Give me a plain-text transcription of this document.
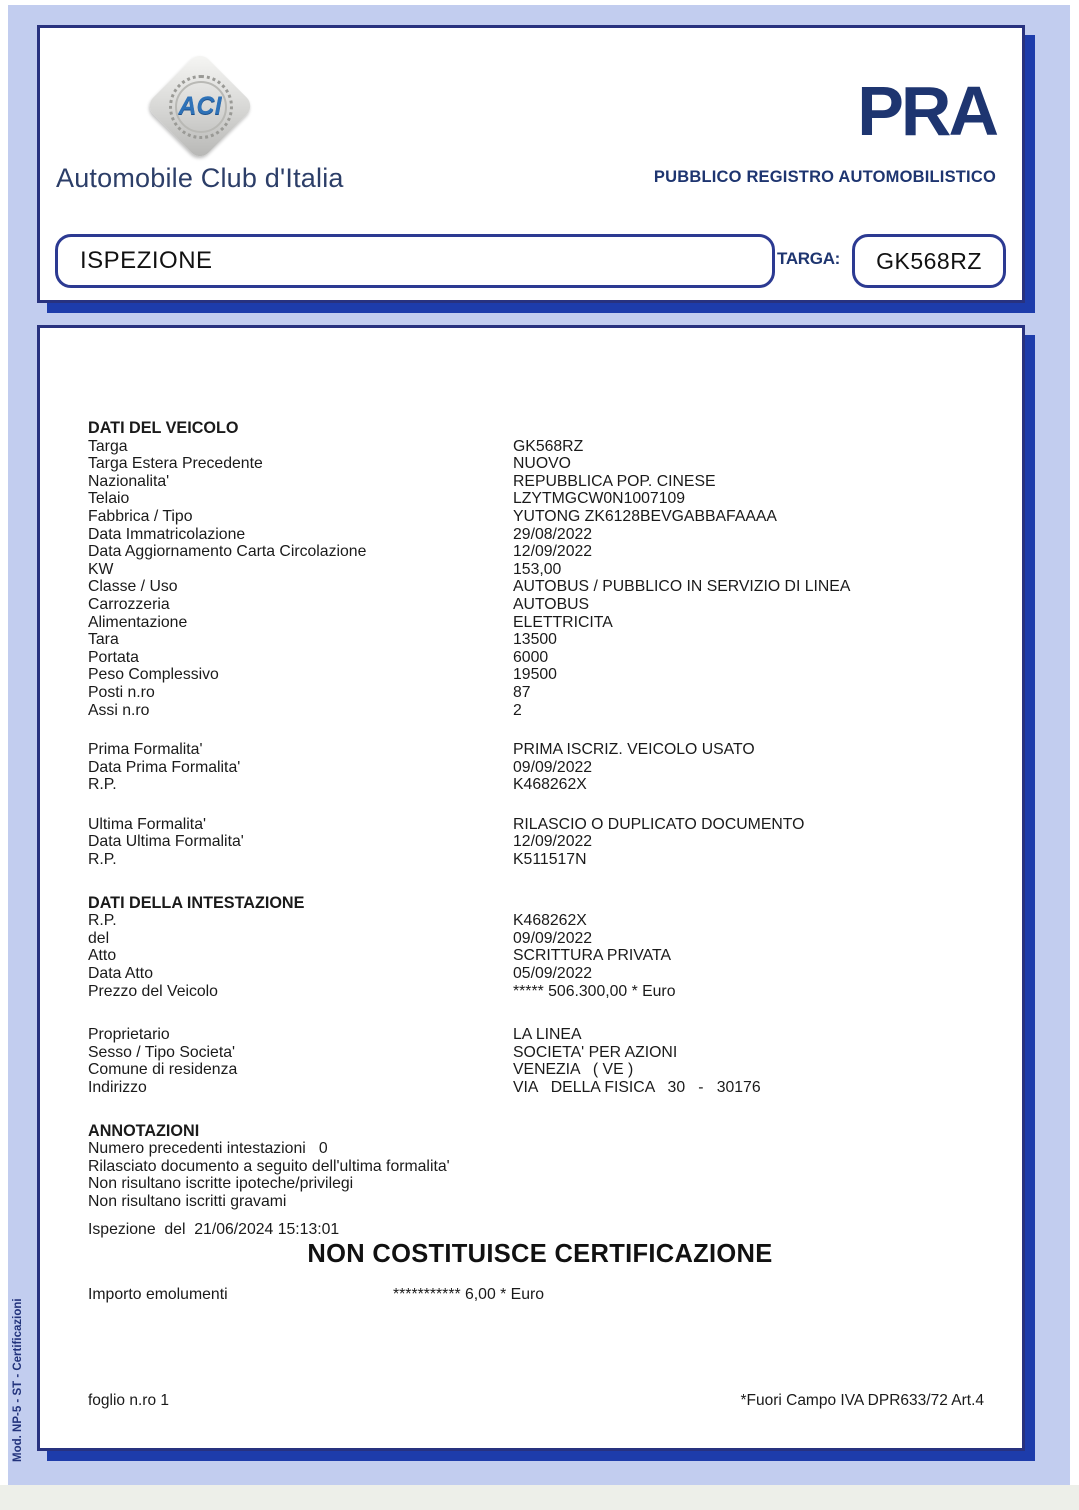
ACI
Automobile Club d'Italia
PRA
PUBBLICO REGISTRO AUTOMOBILISTICO
ISPEZIONE	TARGA: GK568RZ
DATI DEL VEICOLO
Targa	GK568RZ
Targa Estera Precedente	NUOVO
Nazionalita'	REPUBBLICA POP. CINESE
Telaio	LZYTMGCW0N1007109
Fabbrica / Tipo	YUTONG ZK6128BEVGABBAFAAAA
Data Immatricolazione	29/08/2022
Data Aggiornamento Carta Circolazione	12/09/2022
KW	153,00
Classe / Uso	AUTOBUS / PUBBLICO IN SERVIZIO DI LINEA
Carrozzeria	AUTOBUS
Alimentazione	ELETTRICITA
Tara	13500
Portata	6000
Peso Complessivo	19500
Posti n.ro	87
Assi n.ro	2
Prima Formalita'	PRIMA ISCRIZ. VEICOLO USATO
Data Prima Formalita'	09/09/2022
R.P.	K468262X
Ultima Formalita'	RILASCIO O DUPLICATO DOCUMENTO
Data Ultima Formalita'	12/09/2022
R.P.	K511517N
DATI DELLA INTESTAZIONE
R.P.	K468262X
del	09/09/2022
Atto	SCRITTURA PRIVATA
Data Atto	05/09/2022
Prezzo del Veicolo	***** 506.300,00 * Euro
Proprietario	LA LINEA
Sesso / Tipo Societa'	SOCIETA' PER AZIONI
Comune di residenza	VENEZIA   ( VE )
Indirizzo	VIA   DELLA FISICA   30   -   30176
ANNOTAZIONI
Numero precedenti intestazioni   0
Rilasciato documento a seguito dell'ultima formalita'
Non risultano iscritte ipoteche/privilegi
Non risultano iscritti gravami
Ispezione  del  21/06/2024 15:13:01
NON COSTITUISCE CERTIFICAZIONE
Importo emolumenti	*********** 6,00 * Euro
foglio n.ro 1	*Fuori Campo IVA DPR633/72 Art.4
Mod. NP-5 - ST - Certificazioni
